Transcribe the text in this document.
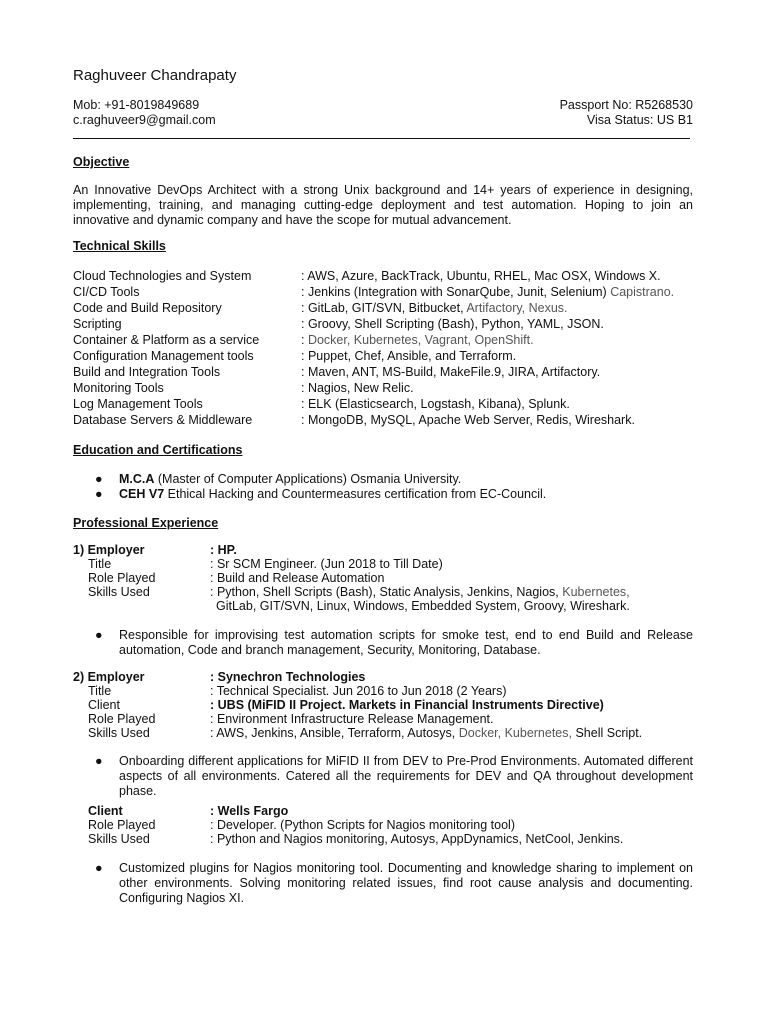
Raghuveer Chandrapaty
Mob: +91-8019849689
c.raghuveer9@gmail.com
Passport No: R5268530
Visa Status: US B1
Objective
An Innovative DevOps Architect with a strong Unix background and 14+ years of experience in designing, implementing, training, and managing cutting-edge deployment and test automation. Hoping to join an innovative and dynamic company and have the scope for mutual advancement.
Technical Skills
Cloud Technologies and System	: AWS, Azure, BackTrack, Ubuntu, RHEL, Mac OSX, Windows X.
CI/CD Tools	: Jenkins (Integration with SonarQube, Junit, Selenium) Capistrano.
Code and Build Repository	: GitLab, GIT/SVN, Bitbucket, Artifactory, Nexus.
Scripting	: Groovy, Shell Scripting (Bash), Python, YAML, JSON.
Container & Platform as a service	: Docker, Kubernetes, Vagrant, OpenShift.
Configuration Management tools	: Puppet, Chef, Ansible, and Terraform.
Build and Integration Tools	: Maven, ANT, MS-Build, MakeFile.9, JIRA, Artifactory.
Monitoring Tools	: Nagios, New Relic.
Log Management Tools	: ELK (Elasticsearch, Logstash, Kibana), Splunk.
Database Servers & Middleware	: MongoDB, MySQL, Apache Web Server, Redis, Wireshark.
Education and Certifications
● M.C.A (Master of Computer Applications) Osmania University.
● CEH V7 Ethical Hacking and Countermeasures certification from EC-Council.
Professional Experience
1) Employer	: HP.
Title	: Sr SCM Engineer. (Jun 2018 to Till Date)
Role Played	: Build and Release Automation
Skills Used	: Python, Shell Scripts (Bash), Static Analysis, Jenkins, Nagios, Kubernetes,
GitLab, GIT/SVN, Linux, Windows, Embedded System, Groovy, Wireshark.
● Responsible for improvising test automation scripts for smoke test, end to end Build and Release automation, Code and branch management, Security, Monitoring, Database.
2) Employer	: Synechron Technologies
Title	: Technical Specialist. Jun 2016 to Jun 2018 (2 Years)
Client	: UBS (MiFID II Project. Markets in Financial Instruments Directive)
Role Played	: Environment Infrastructure Release Management.
Skills Used	: AWS, Jenkins, Ansible, Terraform, Autosys, Docker, Kubernetes, Shell Script.
● Onboarding different applications for MiFID II from DEV to Pre-Prod Environments. Automated different aspects of all environments. Catered all the requirements for DEV and QA throughout development phase.
Client	: Wells Fargo
Role Played	: Developer. (Python Scripts for Nagios monitoring tool)
Skills Used	: Python and Nagios monitoring, Autosys, AppDynamics, NetCool, Jenkins.
● Customized plugins for Nagios monitoring tool. Documenting and knowledge sharing to implement on other environments. Solving monitoring related issues, find root cause analysis and documenting. Configuring Nagios XI.
